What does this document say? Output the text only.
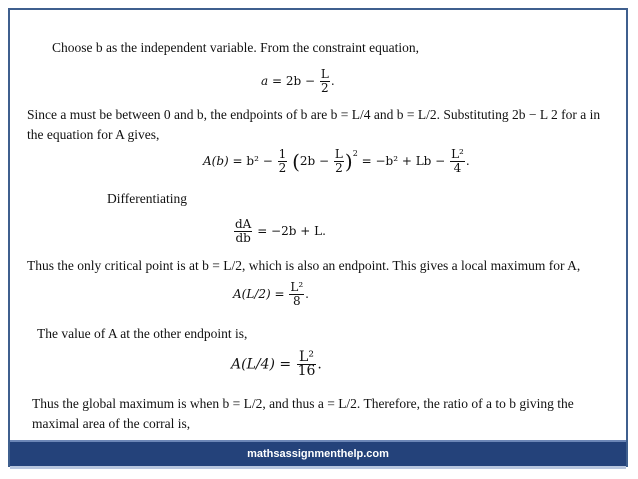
Choose b as the independent variable. From the constraint equation,
$a = 2b - \frac{L}{2}$ .
Since a must be between 0 and b, the endpoints of b are b = L/4 and b = L/2. Substituting 2b − L 2 for a in the equation for A gives,
$A(b) = b^2 - \frac{1}{2} (2b - \frac{L}{2} )^2 = -b^2 + Lb - \frac{\text{L²}}{4}$ .
Differentiating
$\frac{dA}{db} = -2b + L$.
Thus the only critical point is at b = L/2, which is also an endpoint. This gives a local maximum for A,
$A(L/2) = \frac{\text{L²}}{8}$ .
The value of A at the other endpoint is,
$A(L/4) = \frac{\text{L²}}{16}$ .
Thus the global maximum is when b = L/2, and thus a = L/2. Therefore, the ratio of a to b giving the maximal area of the corral is,
mathsassignmenthelp.com
